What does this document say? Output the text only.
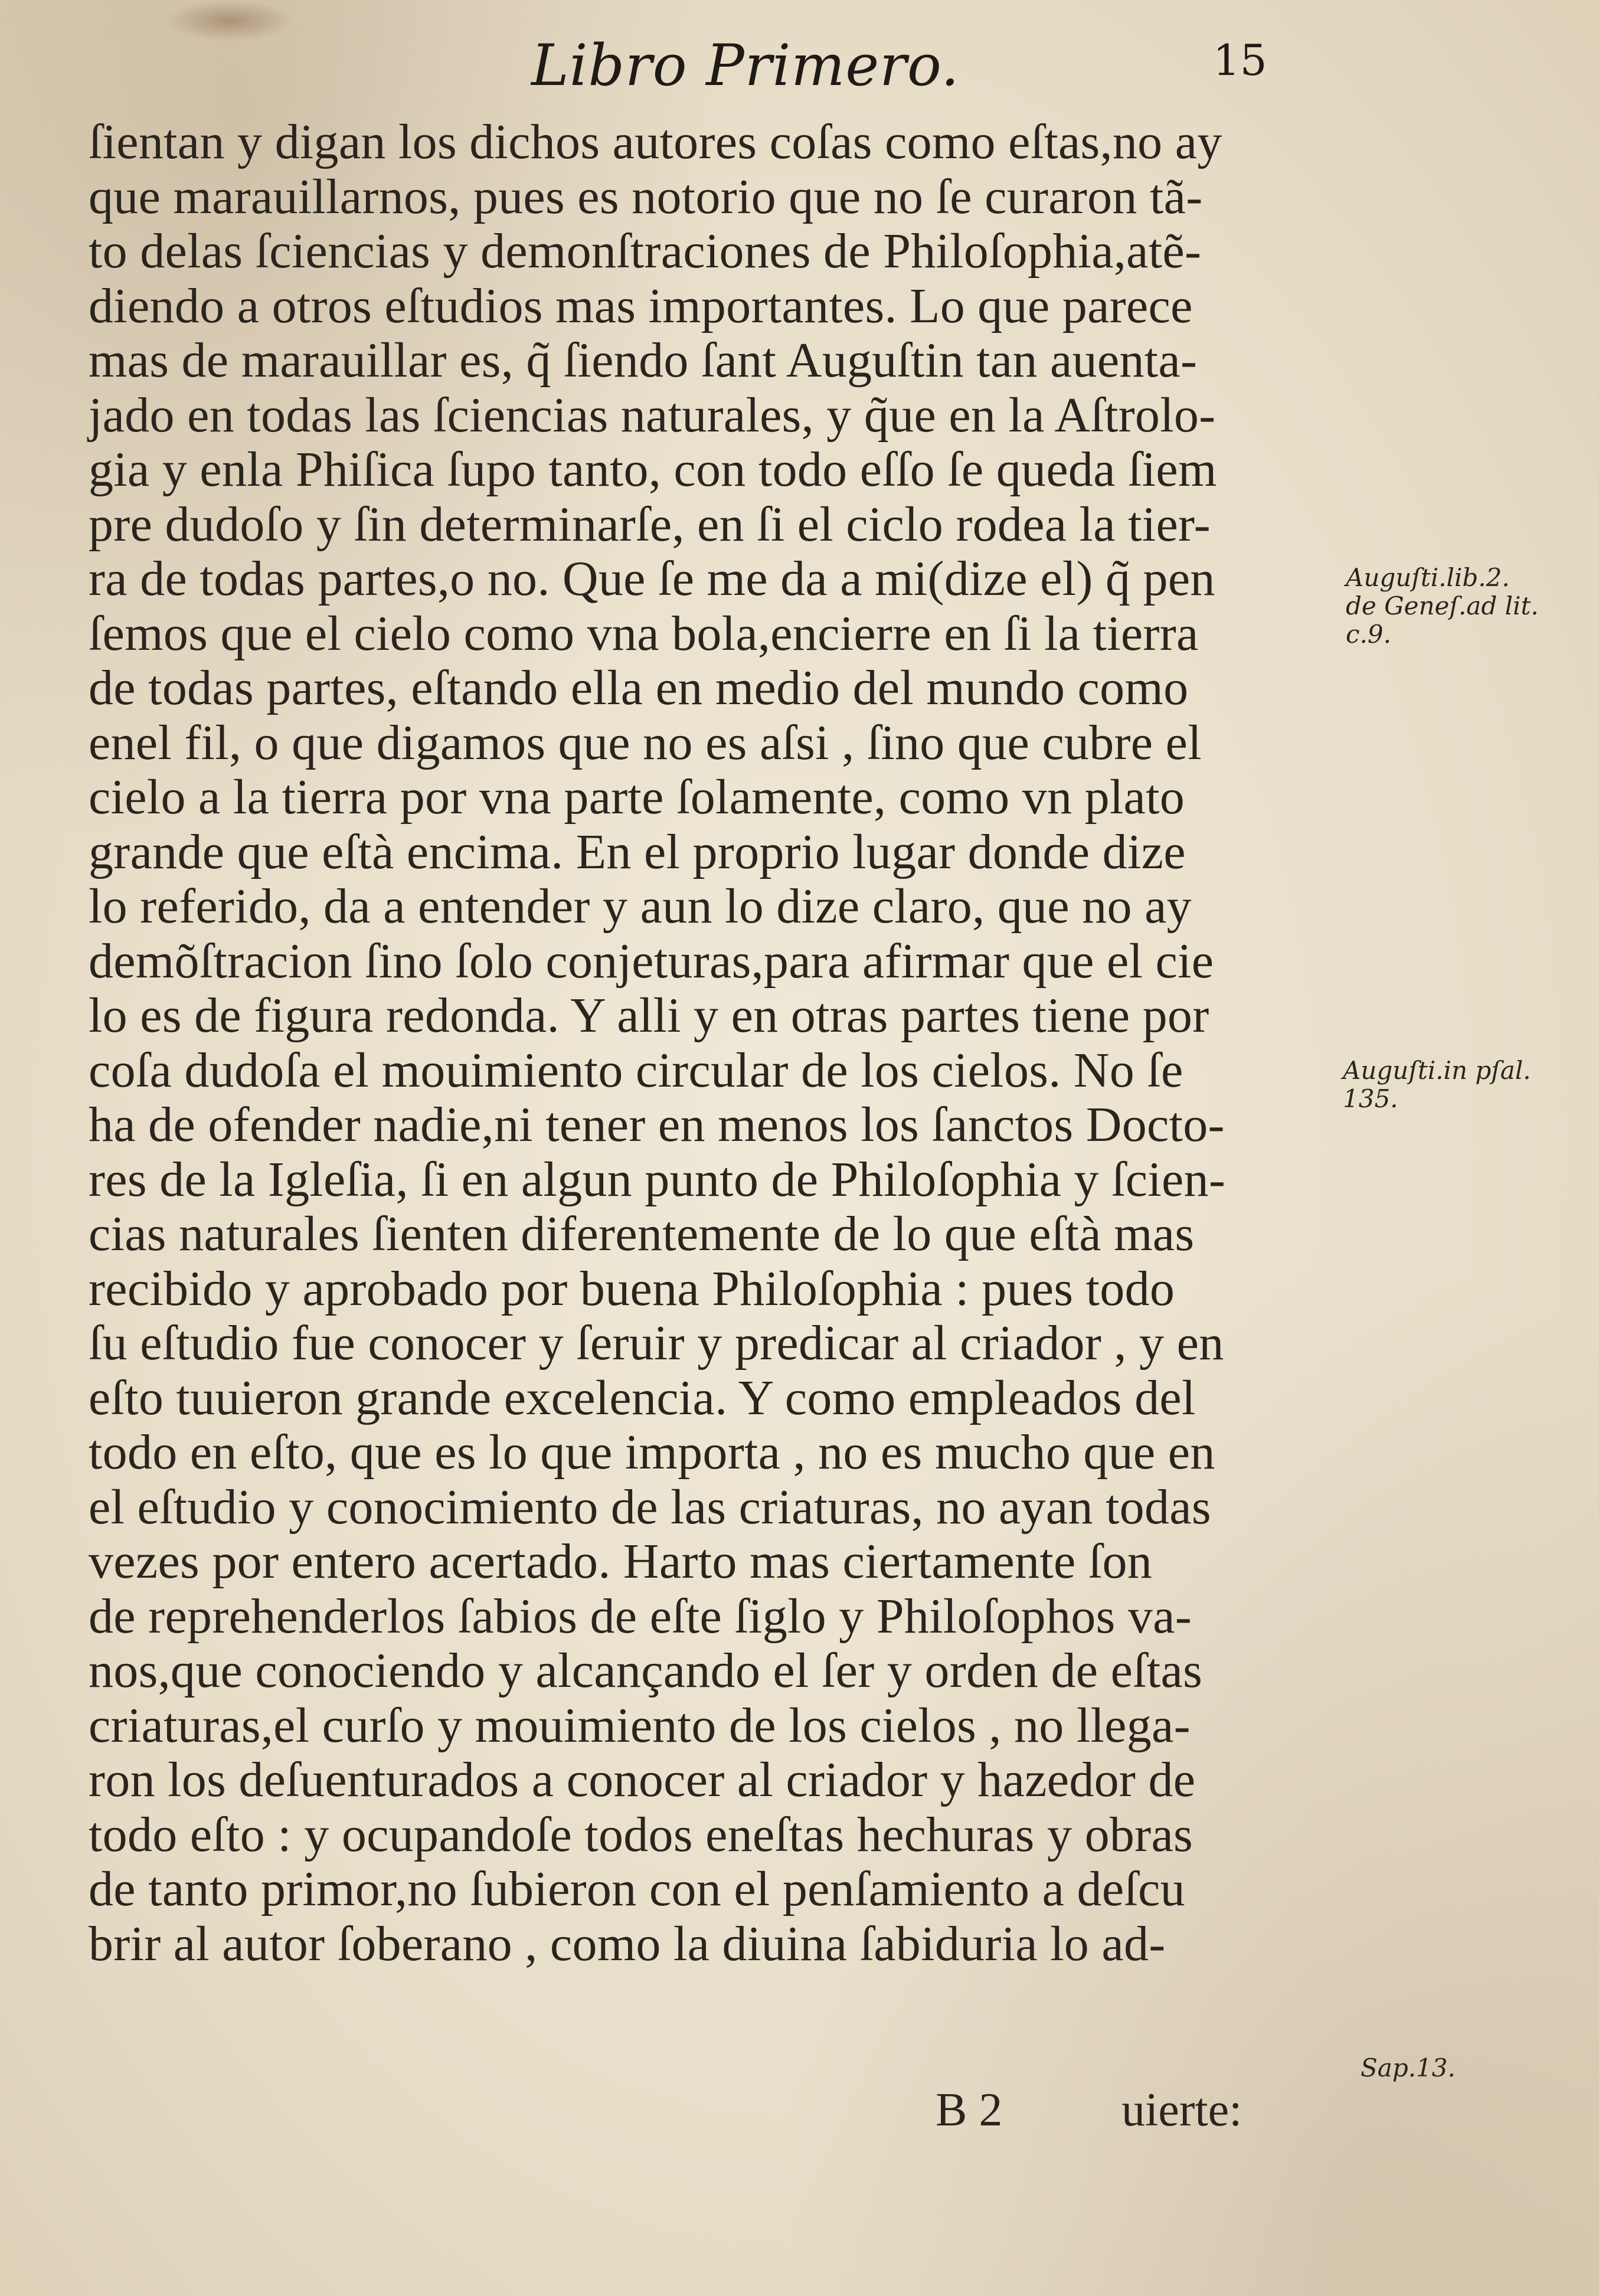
Libro Primero.	15
ſientan y digan los dichos autores coſas como eſtas,no ay
que marauillarnos, pues es notorio que no ſe curaron tã-
to delas ſciencias y demonſtraciones de Philoſophia,atẽ-
diendo a otros eſtudios mas importantes. Lo que parece
mas de marauillar es, q̃ ſiendo ſant Auguſtin tan auenta-
jado en todas las ſciencias naturales, y q̃ue en la Aſtrolo-
gia y enla Phiſica ſupo tanto, con todo eſſo ſe queda ſiem
pre dudoſo y ſin determinarſe, en ſi el ciclo rodea la tier-
ra de todas partes,o no. Que ſe me da a mi(dize el) q̃ pen
ſemos que el cielo como vna bola,encierre en ſi la tierra
de todas partes, eſtando ella en medio del mundo como
enel fil, o que digamos que no es aſsi , ſino que cubre el
cielo a la tierra por vna parte ſolamente, como vn plato
grande que eſtà encima. En el proprio lugar donde dize
lo referido, da a entender y aun lo dize claro, que no ay
demõſtracion ſino ſolo conjeturas,para afirmar que el cie
lo es de figura redonda. Y alli y en otras partes tiene por
coſa dudoſa el mouimiento circular de los cielos. No ſe
ha de ofender nadie,ni tener en menos los ſanctos Docto-
res de la Igleſia, ſi en algun punto de Philoſophia y ſcien-
cias naturales ſienten diferentemente de lo que eſtà mas
recibido y aprobado por buena Philoſophia : pues todo
ſu eſtudio fue conocer y ſeruir y predicar al criador , y en
eſto tuuieron grande excelencia. Y como empleados del
todo en eſto, que es lo que importa , no es mucho que en
el eſtudio y conocimiento de las criaturas, no ayan todas
vezes por entero acertado. Harto mas ciertamente ſon
de reprehenderlos ſabios de eſte ſiglo y Philoſophos va-
nos,que conociendo y alcançando el ſer y orden de eſtas
criaturas,el curſo y mouimiento de los cielos , no llega-
ron los deſuenturados a conocer al criador y hazedor de
todo eſto : y ocupandoſe todos eneſtas hechuras y obras
de tanto primor,no ſubieron con el penſamiento a deſcu
brir al autor ſoberano , como la diuina ſabiduria lo ad-
Auguſti.lib.2.
de Geneſ.ad lit.
c.9.
Auguſti.in pſal.
135.
Sap.13.
B 2	uierte:
